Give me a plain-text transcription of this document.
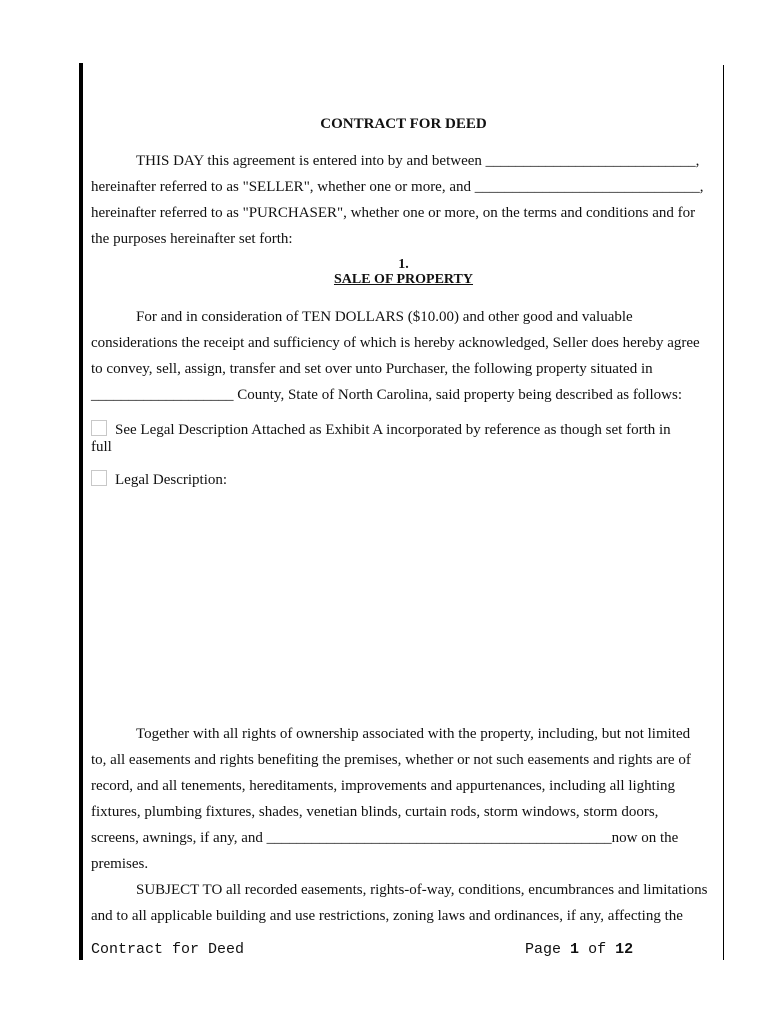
CONTRACT FOR DEED
THIS DAY this agreement is entered into by and between ____________________________,
hereinafter referred to as "SELLER", whether one or more, and ______________________________,
hereinafter referred to as "PURCHASER", whether one or more, on the terms and conditions and for
the purposes hereinafter set forth:
1.
SALE OF PROPERTY
For and in consideration of TEN DOLLARS ($10.00) and other good and valuable
considerations the receipt and sufficiency of which is hereby acknowledged, Seller does hereby agree
to convey, sell, assign, transfer and set over unto Purchaser, the following property situated in
___________________ County, State of North Carolina, said property being described as follows:
See Legal Description Attached as Exhibit A incorporated by reference as though set forth in
full
Legal Description:
Together with all rights of ownership associated with the property, including, but not limited
to, all easements and rights benefiting the premises, whether or not such easements and rights are of
record, and all tenements, hereditaments, improvements and appurtenances, including all lighting
fixtures, plumbing fixtures, shades, venetian blinds, curtain rods, storm windows, storm doors,
screens, awnings, if any, and ______________________________________________now on the
premises.
SUBJECT TO all recorded easements, rights-of-way, conditions, encumbrances and limitations
and to all applicable building and use restrictions, zoning laws and ordinances, if any, affecting the
Contract for Deed	Page 1 of 12
